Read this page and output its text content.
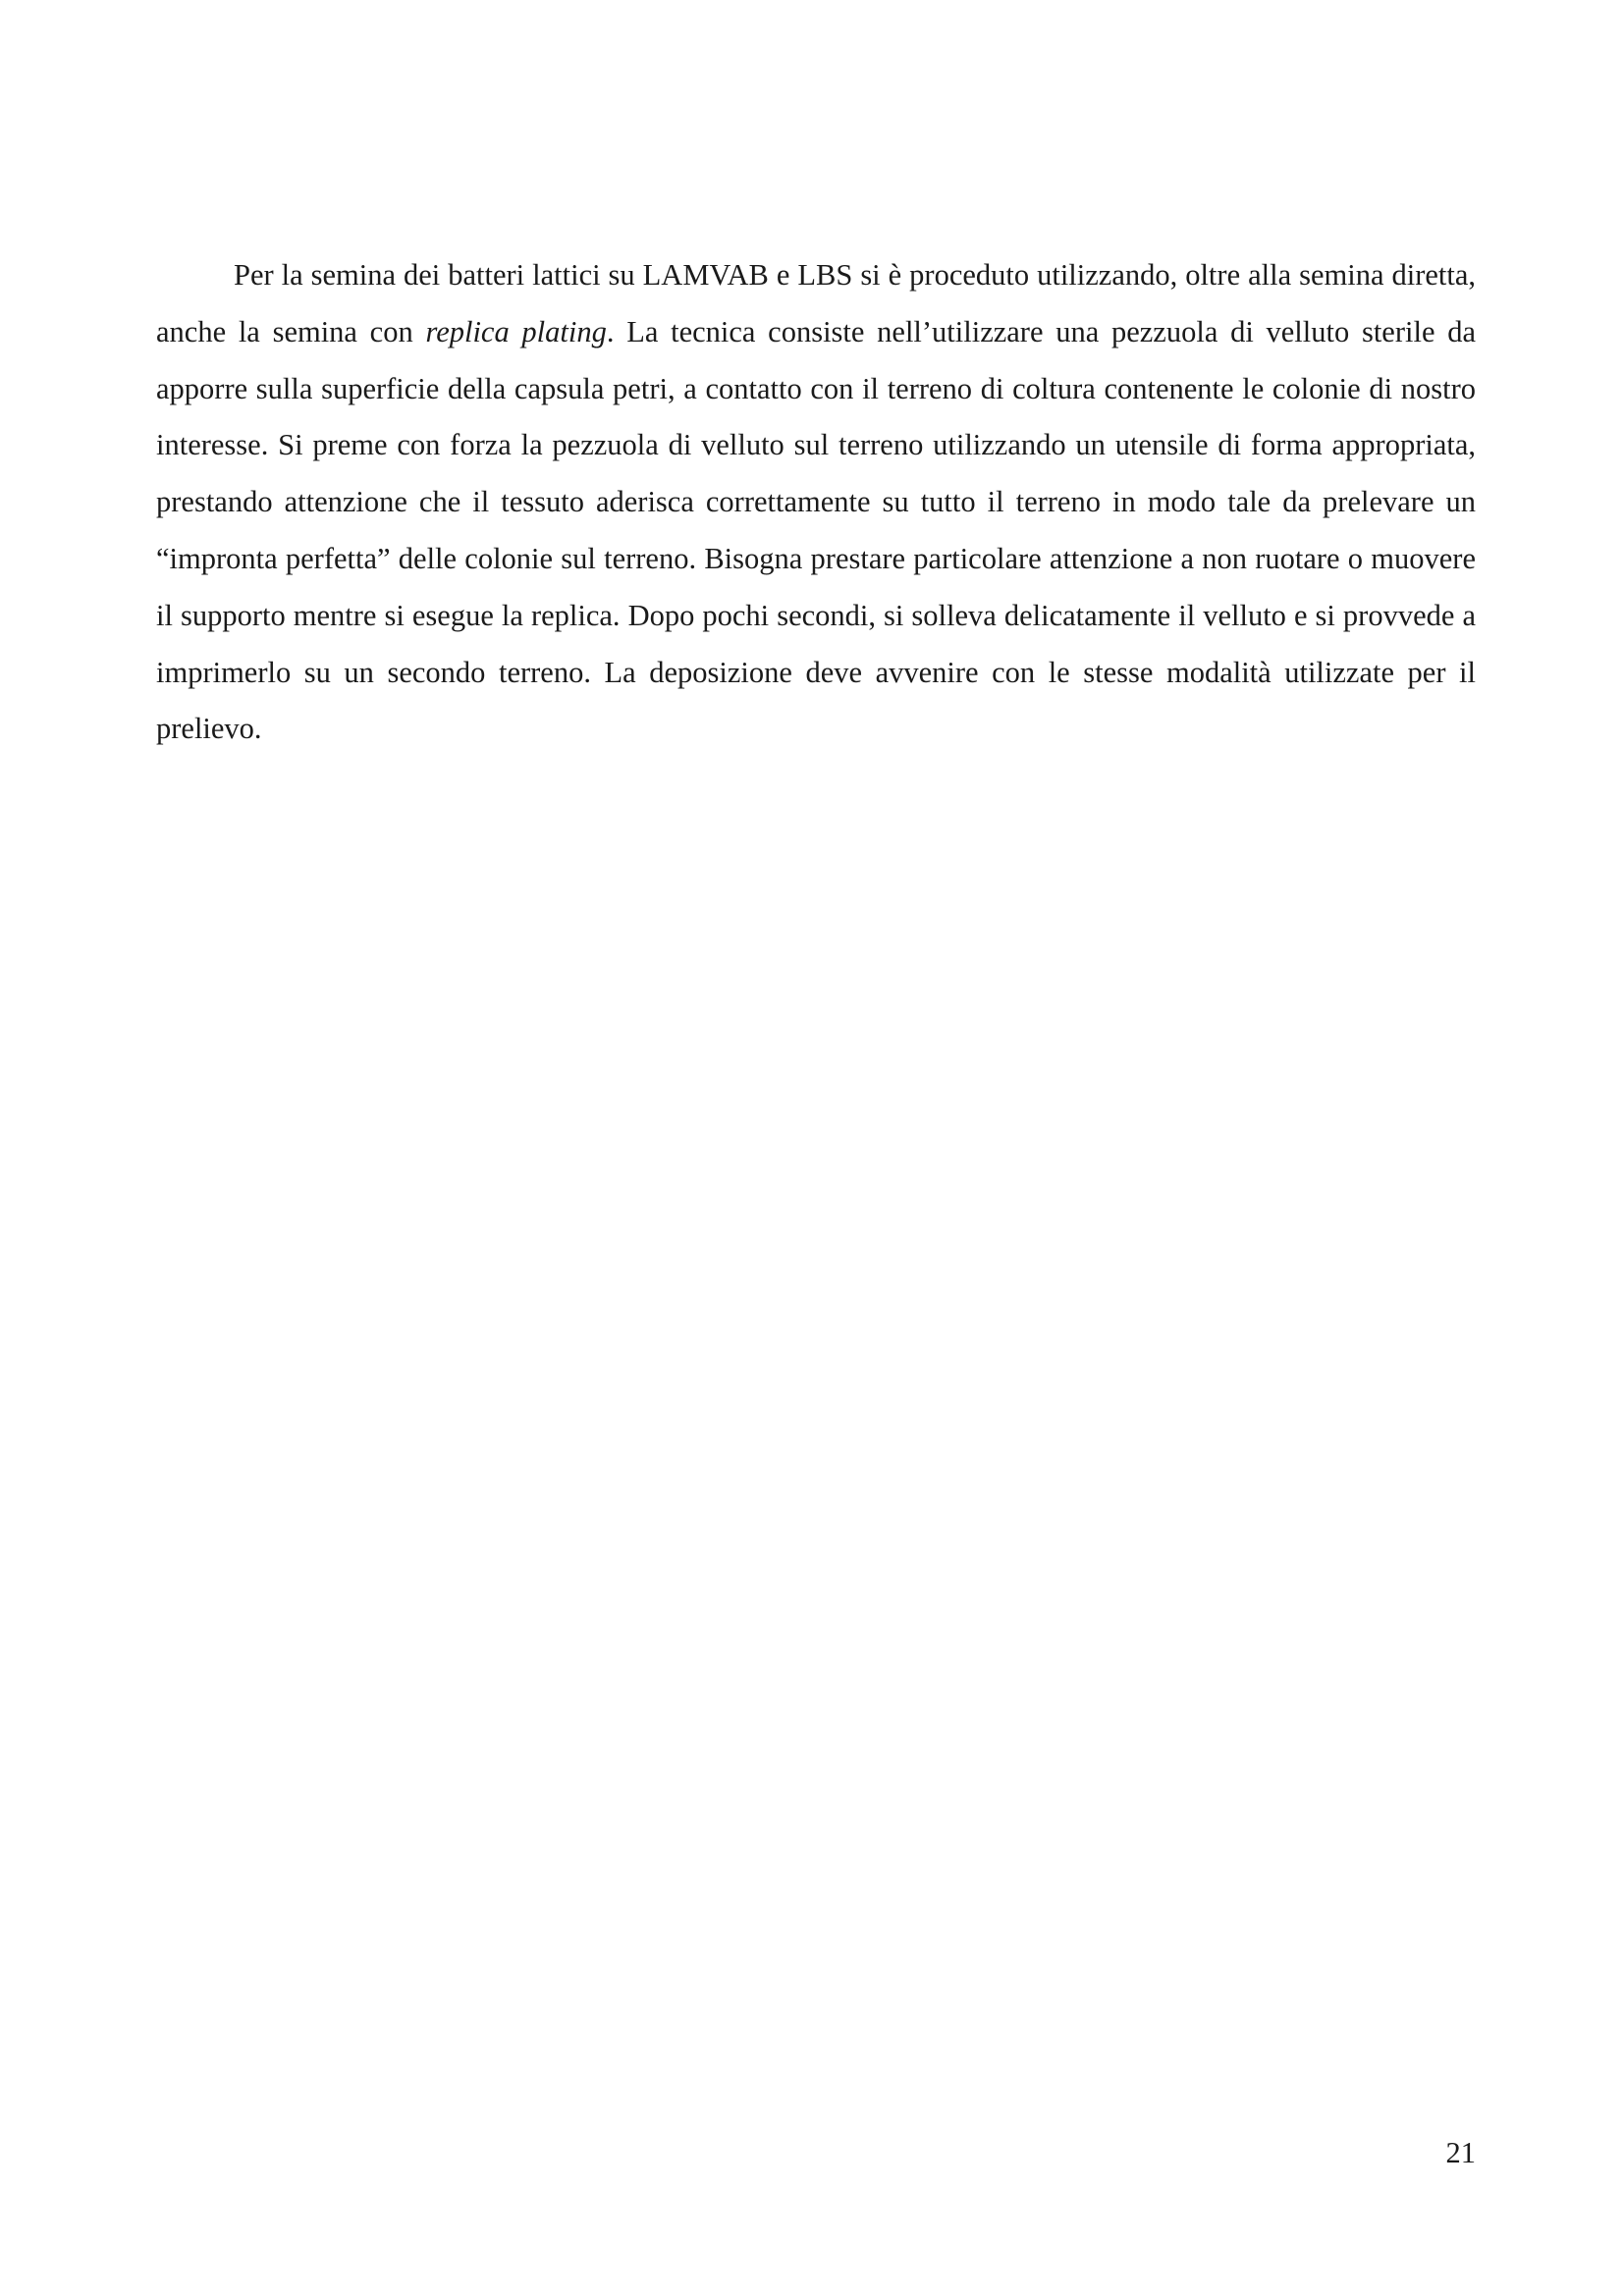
Per la semina dei batteri lattici su LAMVAB e LBS si è proceduto utilizzando, oltre alla semina diretta, anche la semina con replica plating. La tecnica consiste nell’utilizzare una pezzuola di velluto sterile da apporre sulla superficie della capsula petri, a contatto con il terreno di coltura contenente le colonie di nostro interesse. Si preme con forza la pezzuola di velluto sul terreno utilizzando un utensile di forma appropriata, prestando attenzione che il tessuto aderisca correttamente su tutto il terreno in modo tale da prelevare un “impronta perfetta” delle colonie sul terreno. Bisogna prestare particolare attenzione a non ruotare o muovere il supporto mentre si esegue la replica. Dopo pochi secondi, si solleva delicatamente il velluto e si provvede a imprimerlo su un secondo terreno. La deposizione deve avvenire con le stesse modalità utilizzate per il prelievo.

21
